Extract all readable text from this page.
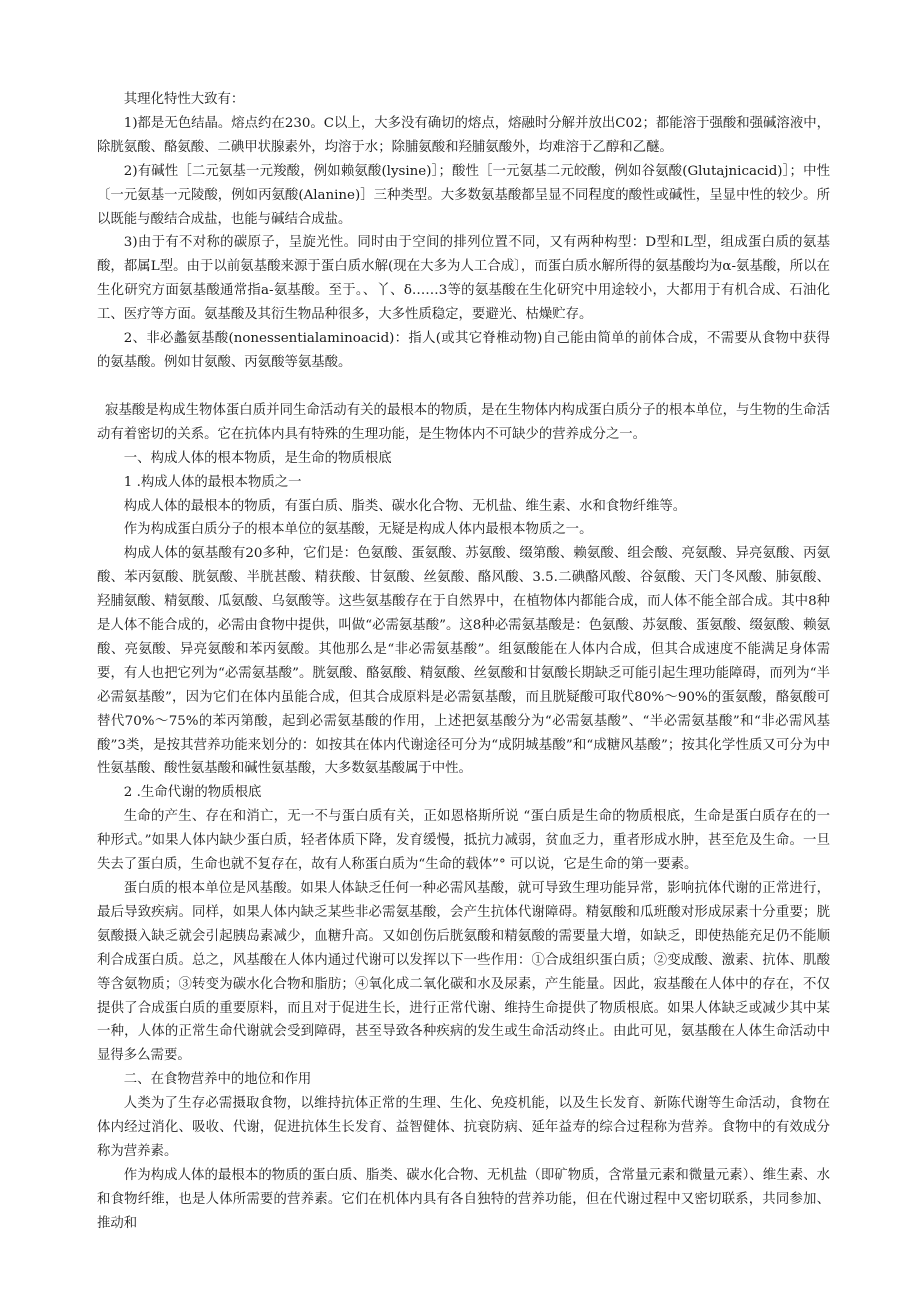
其理化特性大致有：

1)都是无色结晶。熔点约在230。C以上，大多没有确切的熔点，熔融时分解并放出C02；都能溶于强酸和强碱溶液中，除胱氨酸、酪氨酸、二碘甲状腺素外，均溶于水；除脯氨酸和羟脯氨酸外，均难溶于乙醇和乙醚。

2)有碱性［二元氨基一元羧酸，例如赖氨酸(lysine)］；酸性［一元氨基二元皎酸，例如谷氨酸(Glutajnicacid)］；中性〔一元氨基一元陵酸，例如丙氨酸(Alanine)］三种类型。大多数氨基酸都呈显不同程度的酸性或碱性，呈显中性的较少。所以既能与酸结合成盐，也能与碱结合成盐。

3)由于有不对称的碳原子，呈旋光性。同时由于空间的排列位置不同，又有两种构型：D型和L型，组成蛋白质的氨基酸，都属L型。由于以前氨基酸来源于蛋白质水解(现在大多为人工合成〕，而蛋白质水解所得的氨基酸均为α-氨基酸，所以在生化研究方面氨基酸通常指a-氨基酸。至于。、丫、δ……3等的氨基酸在生化研究中用途较小，大都用于有机合成、石油化工、医疗等方面。氨基酸及其衍生物品种很多，大多性质稳定，要避光、枯燥贮存。

2、非必蠡氨基酸(nonessentialaminoacid)：指人(或其它脊椎动物)自己能由简单的前体合成，不需要从食物中获得的氨基酸。例如甘氨酸、丙氨酸等氨基酸。

寂基酸是构成生物体蛋白质并同生命活动有关的最根本的物质，是在生物体内构成蛋白质分子的根本单位，与生物的生命活动有着密切的关系。它在抗体内具有特殊的生理功能，是生物体内不可缺少的营养成分之一。

一、构成人体的根本物质，是生命的物质根底

1 .构成人体的最根本物质之一

构成人体的最根本的物质，有蛋白质、脂类、碳水化合物、无机盐、维生素、水和食物纤维等。

作为构成蛋白质分子的根本单位的氨基酸，无疑是构成人体内最根本物质之一。

构成人体的氨基酸有20多种，它们是：色氨酸、蛋氨酸、苏氨酸、缀第酸、赖氨酸、组会酸、亮氨酸、异亮氨酸、丙氨酸、苯丙氨酸、胱氨酸、半胱甚酸、精获酸、甘氨酸、丝氨酸、酪风酸、3.5.二碘酪风酸、谷氨酸、天门冬风酸、肺氨酸、羟脯氨酸、精氨酸、瓜氨酸、乌氨酸等。这些氨基酸存在于自然界中，在植物体内都能合成，而人体不能全部合成。其中8种是人体不能合成的，必需由食物中提供，叫做“必需氨基酸”。这8种必需氨基酸是：色氨酸、苏氨酸、蛋氨酸、缀氨酸、赖氨酸、亮氨酸、异亮氨酸和苯丙氨酸。其他那么是“非必需氨基酸”。组氨酸能在人体内合成，但其合成速度不能满足身体需要，有人也把它列为“必需氨基酸”。胱氨酸、酪氨酸、精氨酸、丝氨酸和甘氨酸长期缺乏可能引起生理功能障碍，而列为“半必需氨基酸”，因为它们在体内虽能合成，但其合成原料是必需氨基酸，而且胱疑酸可取代80%〜90%的蛋氨酸，酪氨酸可替代70%〜75%的苯丙第酸，起到必需氨基酸的作用，上述把氨基酸分为“必需氨基酸”、“半必需氨基酸”和“非必需风基酸”3类，是按其营养功能来划分的：如按其在体内代谢途径可分为“成阴城基酸”和“成糖风基酸”；按其化学性质又可分为中性氨基酸、酸性氨基酸和碱性氨基酸，大多数氨基酸属于中性。

2 .生命代谢的物质根底

生命的产生、存在和消亡，无一不与蛋白质有关，正如恩格斯所说 “蛋白质是生命的物质根底，生命是蛋白质存在的一种形式。”如果人体内缺少蛋白质，轻者体质下降，发育缓慢，抵抗力减弱，贫血乏力，重者形成水肿，甚至危及生命。一旦失去了蛋白质，生命也就不复存在，故有人称蛋白质为“生命的载体”° 可以说，它是生命的第一要素。

蛋白质的根本单位是风基酸。如果人体缺乏任何一种必需风基酸，就可导致生理功能异常，影响抗体代谢的正常进行，最后导致疾病。同样，如果人体内缺乏某些非必需氨基酸，会产生抗体代谢障碍。精氨酸和瓜班酸对形成尿素十分重要；胱氨酸摄入缺乏就会引起胰岛素减少，血糖升高。又如创伤后胱氨酸和精氨酸的需要量大增，如缺乏，即使热能充足仍不能顺利合成蛋白质。总之，风基酸在人体内通过代谢可以发挥以下一些作用：①合成组织蛋白质；②变成酸、激素、抗体、肌酸等含氨物质；③转变为碳水化合物和脂肪；④氧化成二氧化碳和水及尿素，产生能量。因此，寂基酸在人体中的存在，不仅提供了合成蛋白质的重要原料，而且对于促进生长，进行正常代谢、维持生命提供了物质根底。如果人体缺乏或减少其中某一种，人体的正常生命代谢就会受到障碍，甚至导致各种疾病的发生或生命活动终止。由此可见，氨基酸在人体生命活动中显得多么需要。

二、在食物营养中的地位和作用

人类为了生存必需摄取食物，以维持抗体正常的生理、生化、免疫机能，以及生长发育、新陈代谢等生命活动，食物在体内经过消化、吸收、代谢，促进抗体生长发育、益智健体、抗衰防病、延年益寿的综合过程称为营养。食物中的有效成分称为营养素。

作为构成人体的最根本的物质的蛋白质、脂类、碳水化合物、无机盐（即矿物质，含常量元素和微量元素）、维生素、水和食物纤维，也是人体所需要的营养素。它们在机体内具有各自独特的营养功能，但在代谢过程中又密切联系，共同参加、推动和
